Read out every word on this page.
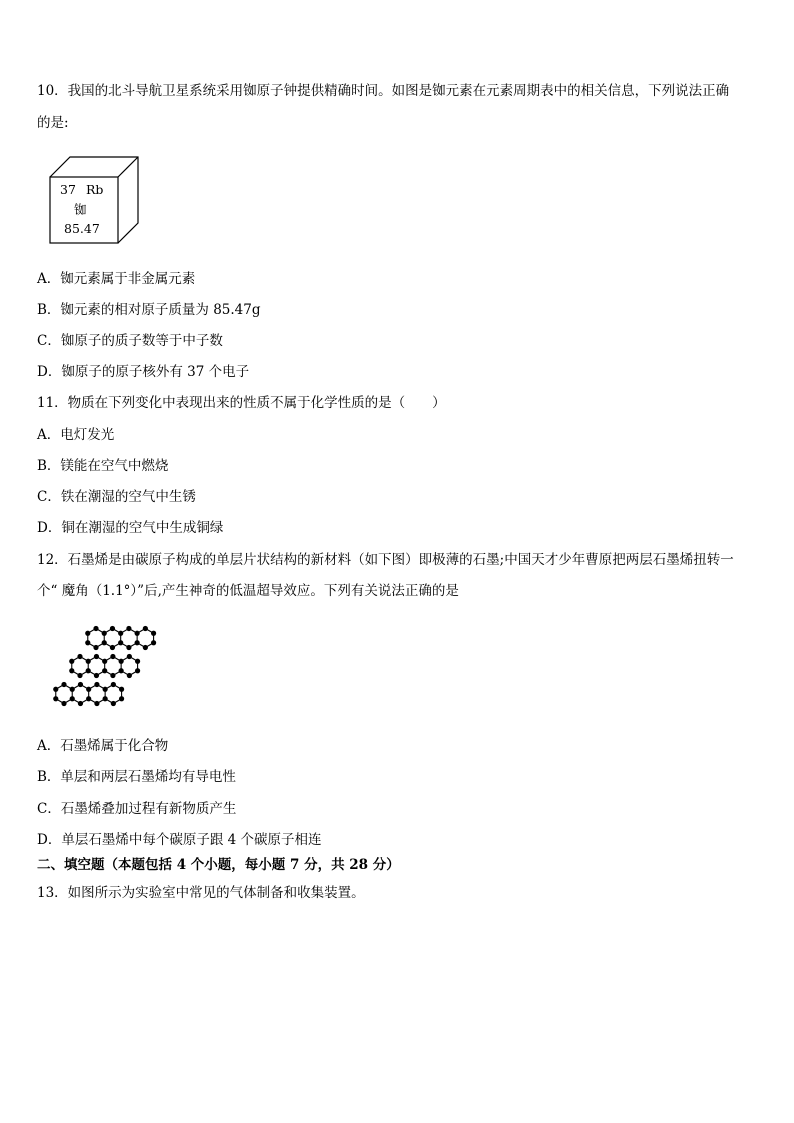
10．我国的北斗导航卫星系统采用铷原子钟提供精确时间。如图是铷元素在元素周期表中的相关信息，下列说法正确
的是:
37 Rb
铷
85.47
A．铷元素属于非金属元素
B．铷元素的相对原子质量为 85.47g
C．铷原子的质子数等于中子数
D．铷原子的原子核外有 37 个电子
11．物质在下列变化中表现出来的性质不属于化学性质的是（　　）
A．电灯发光
B．镁能在空气中燃烧
C．铁在潮湿的空气中生锈
D．铜在潮湿的空气中生成铜绿
12．石墨烯是由碳原子构成的单层片状结构的新材料（如下图）即极薄的石墨;中国天才少年曹原把两层石墨烯扭转一
个“ 魔角（1.1°）”后,产生神奇的低温超导效应。下列有关说法正确的是
A．石墨烯属于化合物
B．单层和两层石墨烯均有导电性
C．石墨烯叠加过程有新物质产生
D．单层石墨烯中每个碳原子跟 4 个碳原子相连
二、填空题（本题包括 4 个小题，每小题 7 分，共 28 分）
13．如图所示为实验室中常见的气体制备和收集装置。
